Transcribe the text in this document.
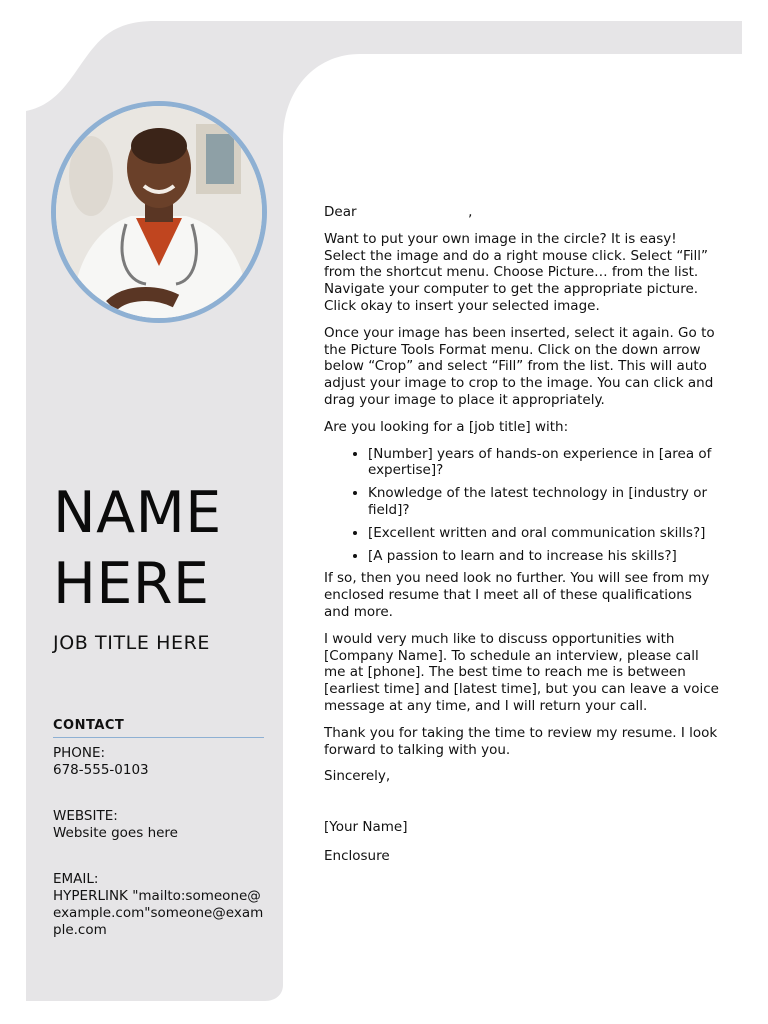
NAME
HERE
JOB TITLE HERE
CONTACT
PHONE:
678-555-0103
WEBSITE:
Website goes here
EMAIL:
HYPERLINK "mailto:someone@example.com"someone@example.com

Dear                          ,

Want to put your own image in the circle? It is easy! Select the image and do a right mouse click. Select “Fill” from the shortcut menu. Choose Picture… from the list. Navigate your computer to get the appropriate picture. Click okay to insert your selected image.

Once your image has been inserted, select it again. Go to the Picture Tools Format menu. Click on the down arrow below “Crop” and select “Fill” from the list. This will auto adjust your image to crop to the image. You can click and drag your image to place it appropriately.

Are you looking for a [job title] with:

• [Number] years of hands-on experience in [area of expertise]?
• Knowledge of the latest technology in [industry or field]?
• [Excellent written and oral communication skills?]
• [A passion to learn and to increase his skills?]

If so, then you need look no further. You will see from my enclosed resume that I meet all of these qualifications and more.

I would very much like to discuss opportunities with [Company Name]. To schedule an interview, please call me at [phone]. The best time to reach me is between [earliest time] and [latest time], but you can leave a voice message at any time, and I will return your call.

Thank you for taking the time to review my resume. I look forward to talking with you.

Sincerely,

[Your Name]

Enclosure
